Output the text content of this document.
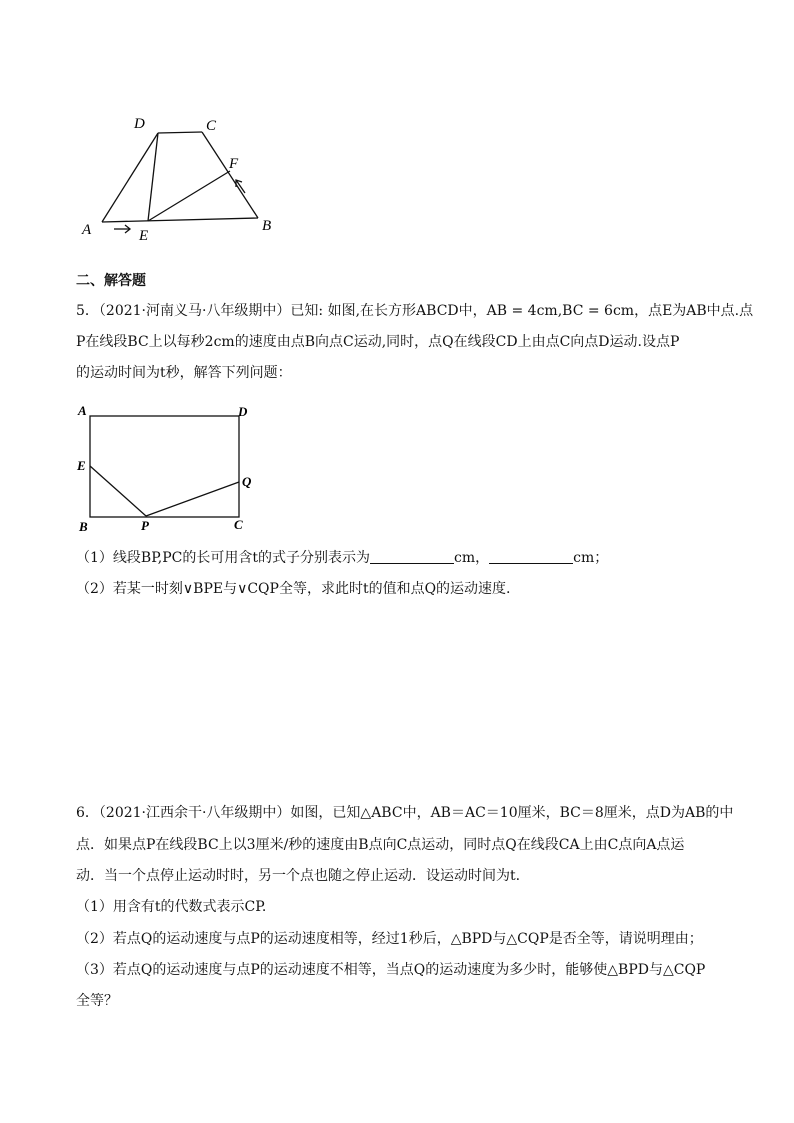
D	C
F
A	E
B
二、解答题
5．（2021·河南义马·八年级期中）已知: 如图,在长方形ABCD中，AB = 4cm,BC = 6cm，点E为AB中点.点
P在线段BC上以每秒2cm的速度由点B向点C运动,同时，点Q在线段CD上由点C向点D运动.设点P
的运动时间为t秒，解答下列问题：
A	D
E
Q
B	P	C
（1）线段BP,PC的长可用含t的式子分别表示为	cm，	cm；
（2）若某一时刻∨BPE与∨CQP全等，求此时t的值和点Q的运动速度.
6．（2021·江西余干·八年级期中）如图，已知△ABC中，AB＝AC＝10厘米，BC＝8厘米，点D为AB的中
点．如果点P在线段BC上以3厘米/秒的速度由B点向C点运动，同时点Q在线段CA上由C点向A点运
动．当一个点停止运动时时，另一个点也随之停止运动．设运动时间为t.
（1）用含有t的代数式表示CP.
（2）若点Q的运动速度与点P的运动速度相等，经过1秒后，△BPD与△CQP是否全等，请说明理由；
（3）若点Q的运动速度与点P的运动速度不相等，当点Q的运动速度为多少时，能够使△BPD与△CQP
全等？
